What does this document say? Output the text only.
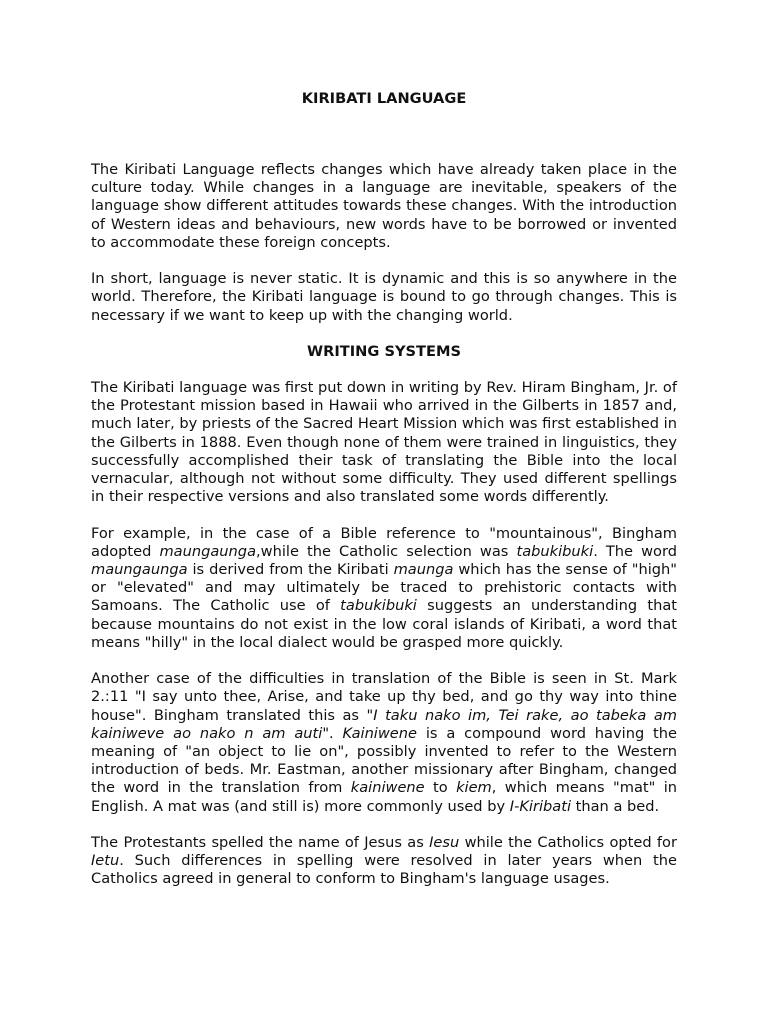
KIRIBATI LANGUAGE

The Kiribati Language reflects changes which have already taken place in the culture today. While changes in a language are inevitable, speakers of the language show different attitudes towards these changes. With the introduction of Western ideas and behaviours, new words have to be borrowed or invented to accommodate these foreign concepts.

In short, language is never static. It is dynamic and this is so anywhere in the world. Therefore, the Kiribati language is bound to go through changes. This is necessary if we want to keep up with the changing world.

WRITING SYSTEMS

The Kiribati language was first put down in writing by Rev. Hiram Bingham, Jr. of the Protestant mission based in Hawaii who arrived in the Gilberts in 1857 and, much later, by priests of the Sacred Heart Mission which was first established in the Gilberts in 1888. Even though none of them were trained in linguistics, they successfully accomplished their task of translating the Bible into the local vernacular, although not without some difficulty. They used different spellings in their respective versions and also translated some words differently.

For example, in the case of a Bible reference to "mountainous", Bingham adopted maungaunga,while the Catholic selection was tabukibuki. The word maungaunga is derived from the Kiribati maunga which has the sense of "high" or "elevated" and may ultimately be traced to prehistoric contacts with Samoans. The Catholic use of tabukibuki suggests an understanding that because mountains do not exist in the low coral islands of Kiribati, a word that means "hilly" in the local dialect would be grasped more quickly.

Another case of the difficulties in translation of the Bible is seen in St. Mark 2.:11 "I say unto thee, Arise, and take up thy bed, and go thy way into thine house". Bingham translated this as "I taku nako im, Tei rake, ao tabeka am kainiweve ao nako n am auti". Kainiwene is a compound word having the meaning of "an object to lie on", possibly invented to refer to the Western introduction of beds. Mr. Eastman, another missionary after Bingham, changed the word in the translation from kainiwene to kiem, which means "mat" in English. A mat was (and still is) more commonly used by I-Kiribati than a bed.

The Protestants spelled the name of Jesus as Iesu while the Catholics opted for Ietu. Such differences in spelling were resolved in later years when the Catholics agreed in general to conform to Bingham's language usages.
